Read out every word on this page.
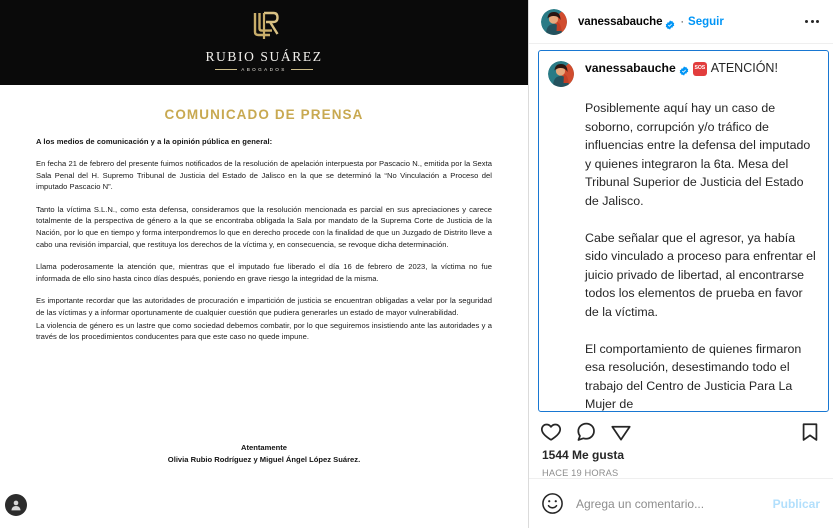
RUBIO SUÁREZ
ABOGADOS
COMUNICADO DE PRENSA
A los medios de comunicación y a la opinión pública en general:

En fecha 21 de febrero del presente fuimos notificados de la resolución de apelación interpuesta por Pascacio N., emitida por la Sexta Sala Penal del H. Supremo Tribunal de Justicia del Estado de Jalisco en la que se determinó la “No Vinculación a Proceso del imputado Pascacio N”.

Tanto la víctima S.L.N., como esta defensa, consideramos que la resolución mencionada es parcial en sus apreciaciones y carece totalmente de la perspectiva de género a la que se encontraba obligada la Sala por mandato de la Suprema Corte de Justicia de la Nación, por lo que en tiempo y forma interpondremos lo que en derecho procede con la finalidad de que un Juzgado de Distrito lleve a cabo una revisión imparcial, que restituya los derechos de la víctima y, en consecuencia, se revoque dicha determinación.

Llama poderosamente la atención que, mientras que el imputado fue liberado el día 16 de febrero de 2023, la víctima no fue informada de ello sino hasta cinco días después, poniendo en grave riesgo la integridad de la misma.

Es importante recordar que las autoridades de procuración e impartición de justicia se encuentran obligadas a velar por la seguridad de las víctimas y a informar oportunamente de cualquier cuestión que pudiera generarles un estado de mayor vulnerabilidad.

La violencia de género es un lastre que como sociedad debemos combatir, por lo que seguiremos insistiendo ante las autoridades y a través de los procedimientos conducentes para que este caso no quede impune.

Atentamente
Olivia Rubio Rodríguez y Miguel Ángel López Suárez.
vanessabauche · Seguir
vanessabauche	SOS ATENCIÓN!

Posiblemente aquí hay un caso de soborno, corrupción y/o tráfico de influencias entre la defensa del imputado y quienes integraron la 6ta. Mesa del Tribunal Superior de Justicia del Estado de Jalisco.

Cabe señalar que el agresor, ya había sido vinculado a proceso para enfrentar el juicio privado de libertad, al encontrarse todos los elementos de prueba en favor de la víctima.

El comportamiento de quienes firmaron esa resolución, desestimando todo el trabajo del Centro de Justicia Para La Mujer de

1544 Me gusta
HACE 19 HORAS
Agrega un comentario...
Publicar
